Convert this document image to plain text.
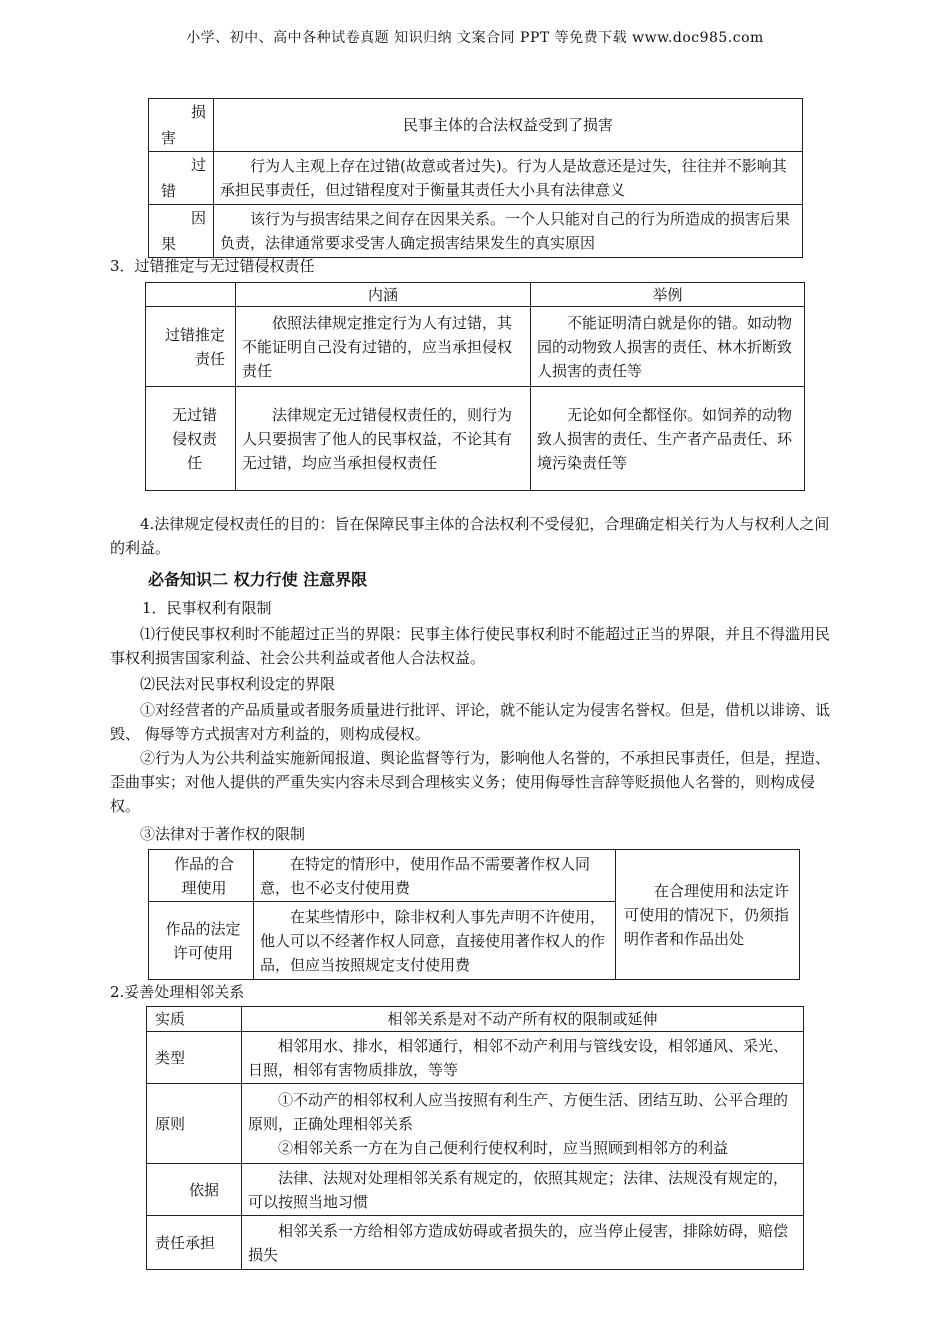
小学、初中、高中各种试卷真题 知识归纳 文案合同 PPT 等免费下载 www.doc985.com
损害	民事主体的合法权益受到了损害
过错	行为人主观上存在过错(故意或者过失)。行为人是故意还是过失，往往并不影响其承担民事责任，但过错程度对于衡量其责任大小具有法律意义
因果	该行为与损害结果之间存在因果关系。一个人只能对自己的行为所造成的损害后果负责，法律通常要求受害人确定损害结果发生的真实原因
3．过错推定与无过错侵权责任
	内涵	举例
过错推定责任	依照法律规定推定行为人有过错，其不能证明自己没有过错的，应当承担侵权责任	不能证明清白就是你的错。如动物园的动物致人损害的责任、林木折断致人损害的责任等
无过错侵权责任	法律规定无过错侵权责任的，则行为人只要损害了他人的民事权益，不论其有无过错，均应当承担侵权责任	无论如何全都怪你。如饲养的动物致人损害的责任、生产者产品责任、环境污染责任等
4.法律规定侵权责任的目的：旨在保障民事主体的合法权利不受侵犯，合理确定相关行为人与权利人之间的利益。
必备知识二 权力行使 注意界限
1．民事权利有限制
⑴行使民事权利时不能超过正当的界限：民事主体行使民事权利时不能超过正当的界限，并且不得滥用民事权利损害国家利益、社会公共利益或者他人合法权益。
⑵民法对民事权利设定的界限
①对经营者的产品质量或者服务质量进行批评、评论，就不能认定为侵害名誉权。但是，借机以诽谤、诋毁、 侮辱等方式损害对方利益的，则构成侵权。
②行为人为公共利益实施新闻报道、舆论监督等行为，影响他人名誉的，不承担民事责任，但是，捏造、歪曲事实；对他人提供的严重失实内容未尽到合理核实义务；使用侮辱性言辞等贬损他人名誉的，则构成侵权。
③法律对于著作权的限制
作品的合理使用	在特定的情形中，使用作品不需要著作权人同意，也不必支付使用费	在合理使用和法定许可使用的情况下，仍须指明作者和作品出处
作品的法定许可使用	在某些情形中，除非权利人事先声明不许使用，他人可以不经著作权人同意，直接使用著作权人的作品，但应当按照规定支付使用费	
2.妥善处理相邻关系
实质	相邻关系是对不动产所有权的限制或延伸
类型	相邻用水、排水，相邻通行，相邻不动产利用与管线安设，相邻通风、采光、日照，相邻有害物质排放，等等
原则	①不动产的相邻权利人应当按照有利生产、方便生活、团结互助、公平合理的原则，正确处理相邻关系
②相邻关系一方在为自己便利行使权利时，应当照顾到相邻方的利益

依据	法律、法规对处理相邻关系有规定的，依照其规定；法律、法规没有规定的，可以按照当地习惯
责任承担	相邻关系一方给相邻方造成妨碍或者损失的，应当停止侵害，排除妨碍，赔偿损失
